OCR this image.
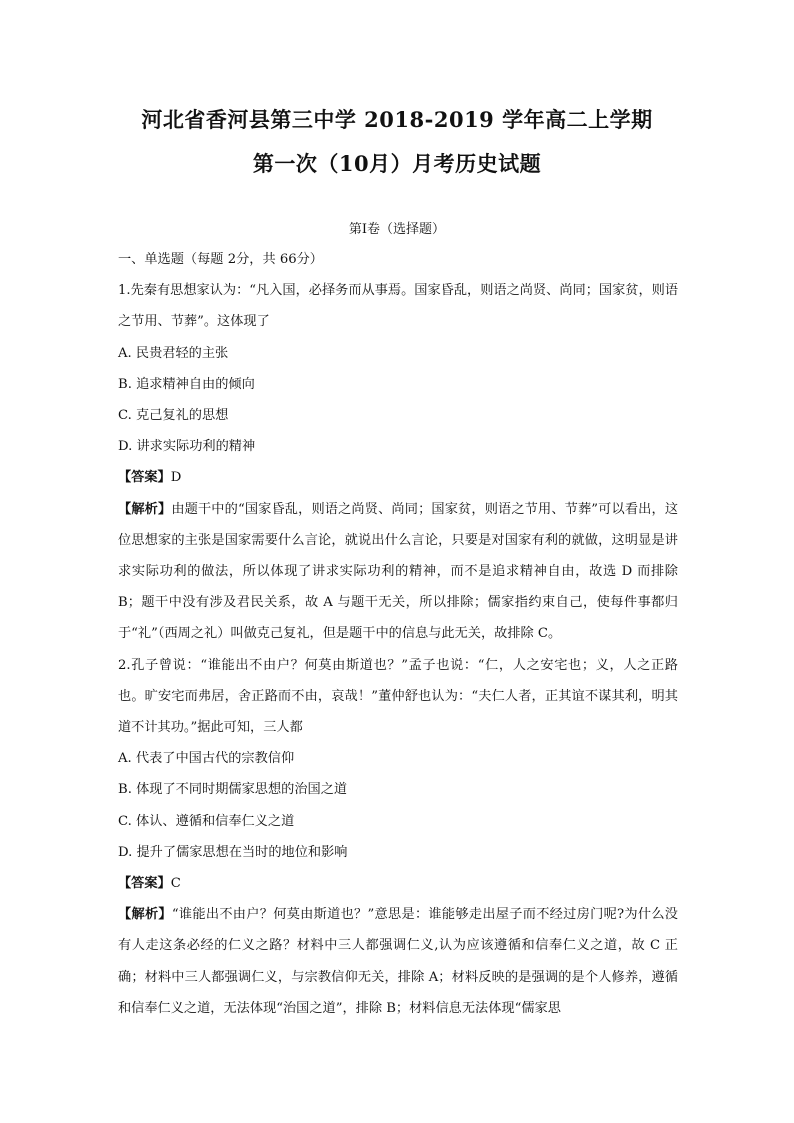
河北省香河县第三中学 2018-2019 学年高二上学期
第一次（10月）月考历史试题
第Ⅰ卷（选择题）

一、单选题（每题 2分，共 66分）

1.先秦有思想家认为：“凡入国，必择务而从事焉。国家昏乱，则语之尚贤、尚同；国家贫，则语之节用、节葬”。这体现了

A. 民贵君轻的主张

B. 追求精神自由的倾向

C. 克己复礼的思想

D. 讲求实际功利的精神

【答案】D

【解析】由题干中的“国家昏乱，则语之尚贤、尚同；国家贫，则语之节用、节葬”可以看出，这位思想家的主张是国家需要什么言论，就说出什么言论，只要是对国家有利的就做，这明显是讲求实际功利的做法，所以体现了讲求实际功利的精神，而不是追求精神自由，故选 D 而排除 B；题干中没有涉及君民关系，故 A 与题干无关，所以排除；儒家指约束自己，使每件事都归于“礼”（西周之礼）叫做克己复礼，但是题干中的信息与此无关，故排除 C。

2.孔子曾说：“谁能出不由户？何莫由斯道也？”孟子也说：“仁，人之安宅也；义，人之正路也。旷安宅而弗居，舍正路而不由，哀哉！”董仲舒也认为：“夫仁人者，正其谊不谋其利，明其道不计其功。”据此可知，三人都

A. 代表了中国古代的宗教信仰

B. 体现了不同时期儒家思想的治国之道

C. 体认、遵循和信奉仁义之道

D. 提升了儒家思想在当时的地位和影响

【答案】C

【解析】“谁能出不由户？何莫由斯道也？”意思是：谁能够走出屋子而不经过房门呢?为什么没有人走这条必经的仁义之路？材料中三人都强调仁义,认为应该遵循和信奉仁义之道，故 C 正确；材料中三人都强调仁义，与宗教信仰无关，排除 A；材料反映的是强调的是个人修养，遵循和信奉仁义之道，无法体现“治国之道”，排除 B；材料信息无法体现“儒家思
